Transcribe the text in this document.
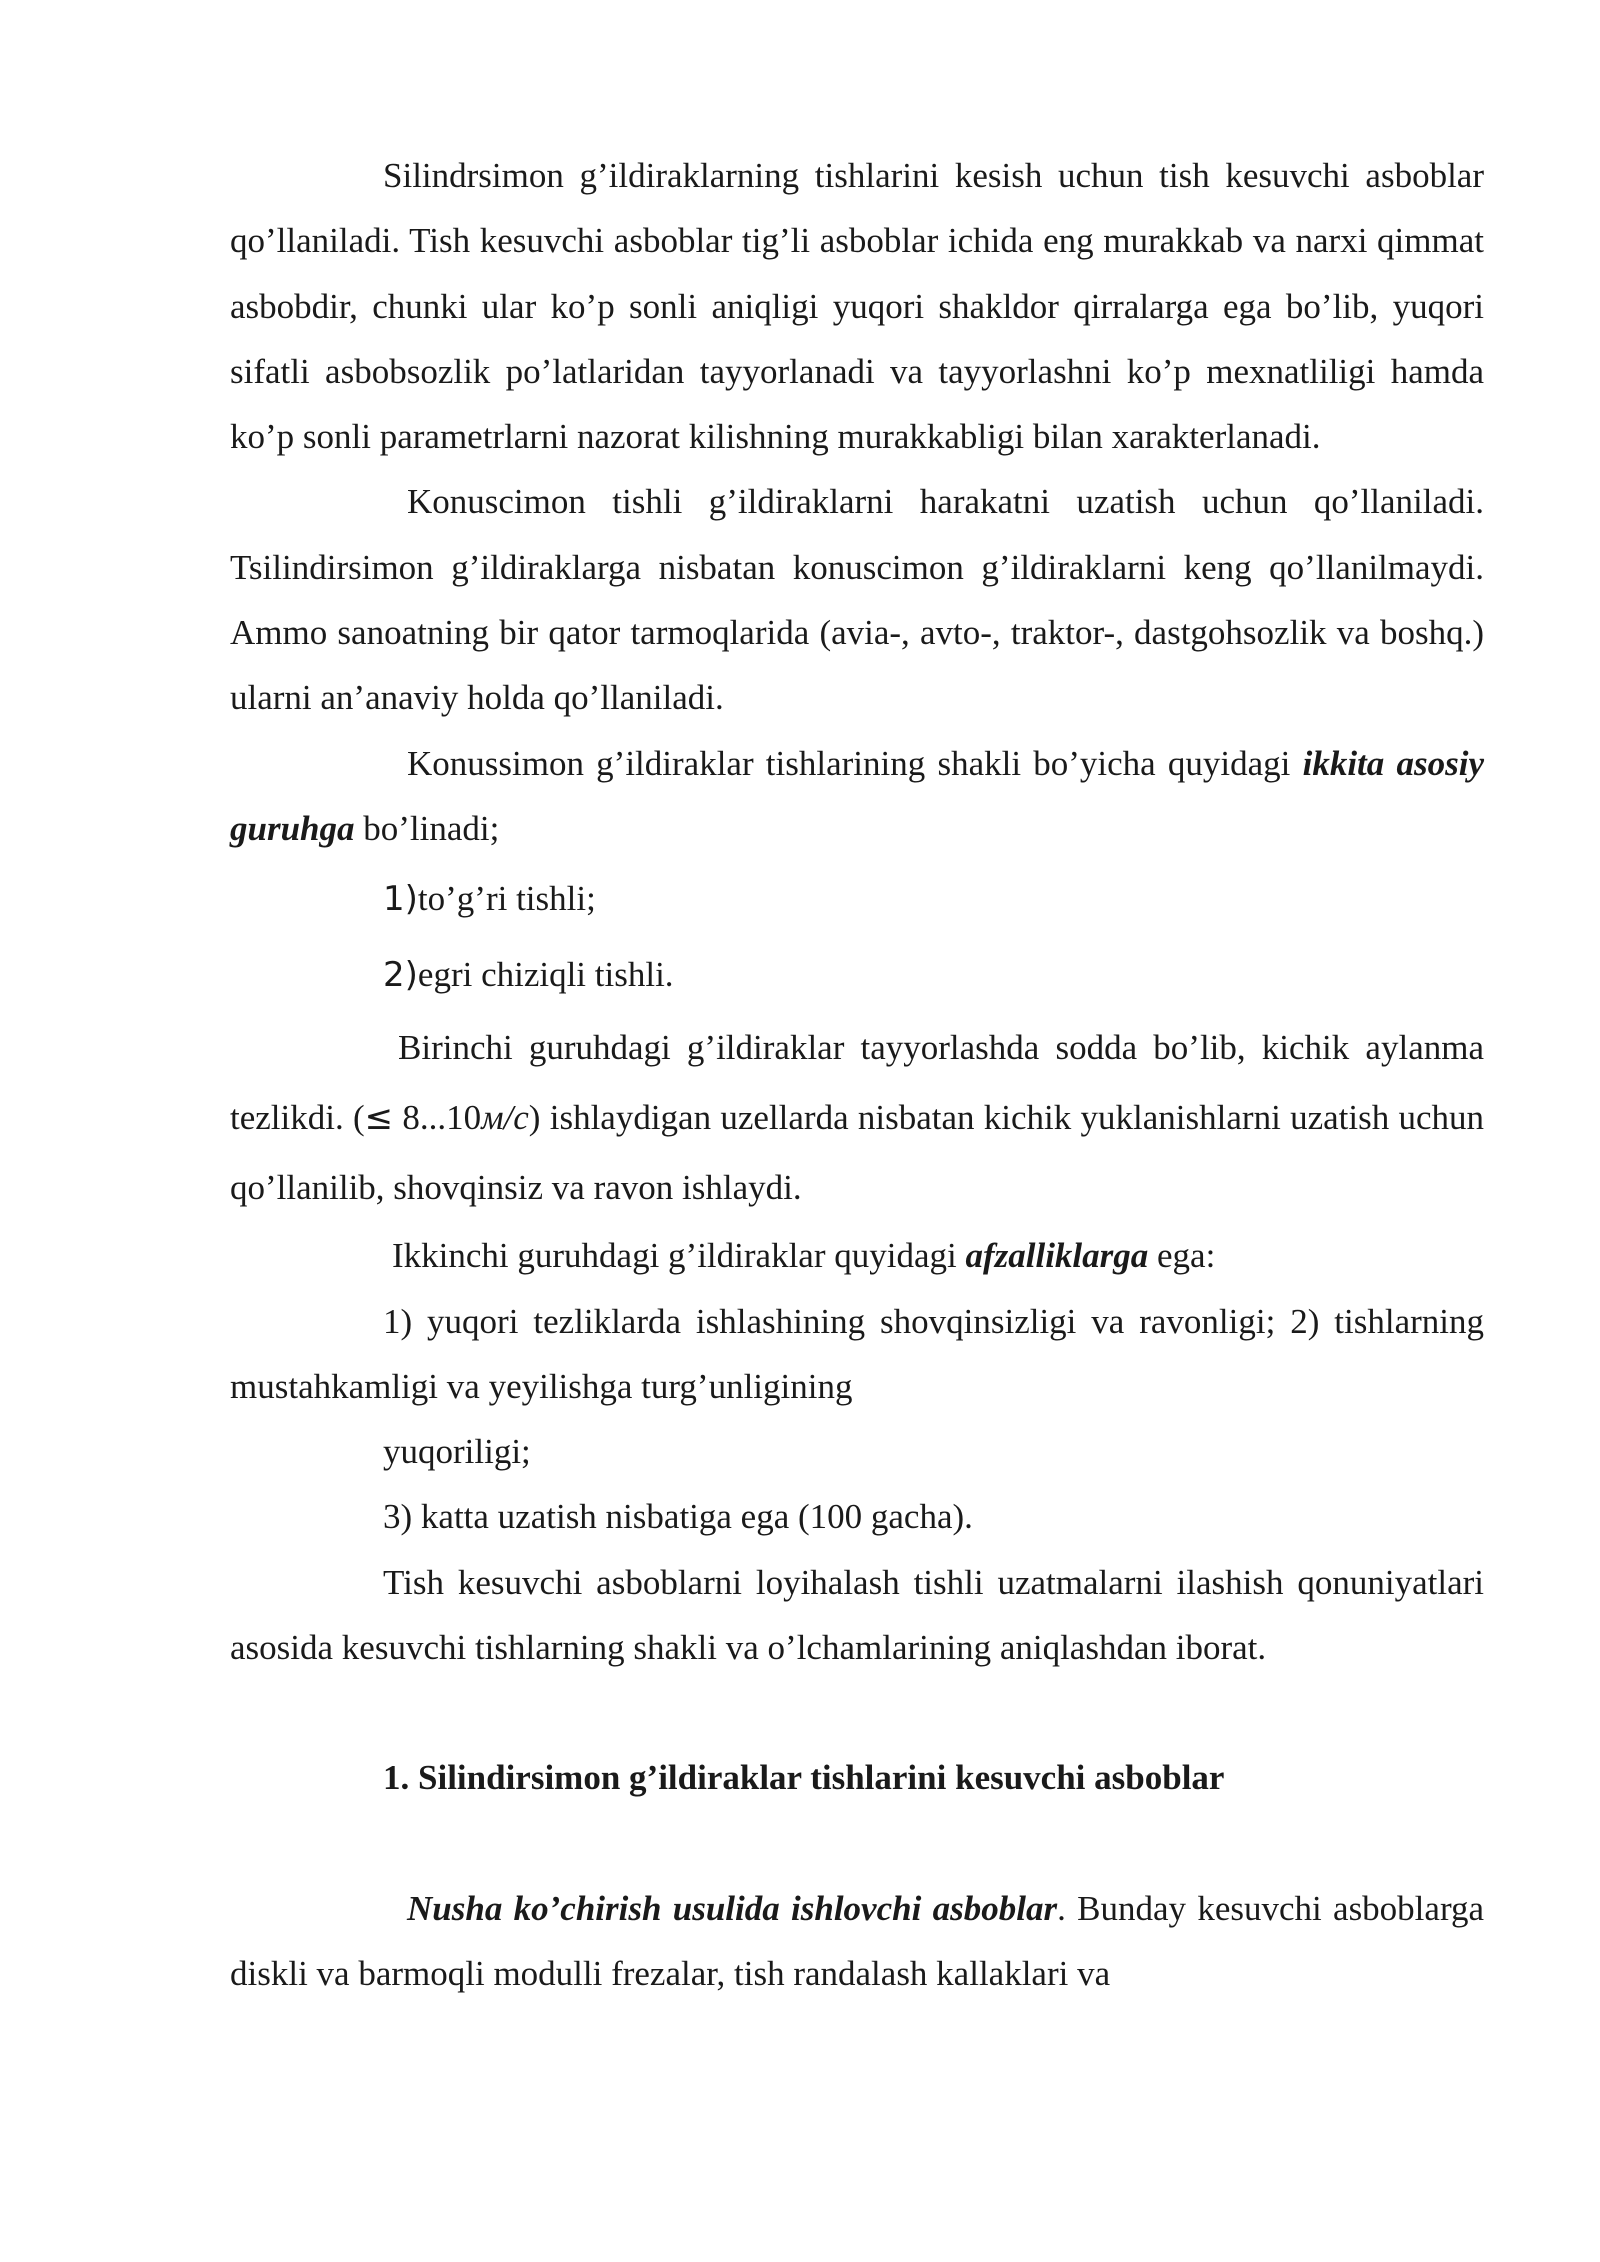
Silindrsimon g’ildiraklarning tishlarini kesish uchun tish kesuvchi asboblar qo’llaniladi. Tish kesuvchi asboblar tig’li asboblar ichida eng murakkab va narxi qimmat asbobdir, chunki ular ko’p sonli aniqligi yuqori shakldor qirralarga ega bo’lib, yuqori sifatli asbobsozlik po’latlaridan tayyorlanadi va tayyorlashni ko’p mexnatliligi hamda ko’p sonli parametrlarni nazorat kilishning murakkabligi bilan xarakterlanadi.

Konuscimon tishli g’ildiraklarni harakatni uzatish uchun qo’llaniladi. Tsilindirsimon g’ildiraklarga nisbatan konuscimon g’ildiraklarni keng qo’llanilmaydi. Ammo sanoatning bir qator tarmoqlarida (avia-, avto-, traktor-, dastgohsozlik va boshq.) ularni an’anaviy holda qo’llaniladi.

Konussimon g’ildiraklar tishlarining shakli bo’yicha quyidagi ikkita asosiy guruhga bo’linadi;

1)to’g’ri tishli;

2)egri chiziqli tishli.

Birinchi guruhdagi g’ildiraklar tayyorlashda sodda bo’lib, kichik aylanma tezlikdi. (≤ 8...10м/с) ishlaydigan uzellarda nisbatan kichik yuklanishlarni uzatish uchun qo’llanilib, shovqinsiz va ravon ishlaydi.

Ikkinchi guruhdagi g’ildiraklar quyidagi afzalliklarga ega:

1) yuqori tezliklarda ishlashining shovqinsizligi va ravonligi; 2) tishlarning mustahkamligi va yeyilishga turg’unligining

yuqoriligi;

3) katta uzatish nisbatiga ega (100 gacha).

Tish kesuvchi asboblarni loyihalash tishli uzatmalarni ilashish qonuniyatlari asosida kesuvchi tishlarning shakli va o’lchamlarining aniqlashdan iborat.

1. Silindirsimon g’ildiraklar tishlarini kesuvchi asboblar

Nusha ko’chirish usulida ishlovchi asboblar. Bunday kesuvchi asboblarga diskli va barmoqli modulli frezalar, tish randalash kallaklari va
